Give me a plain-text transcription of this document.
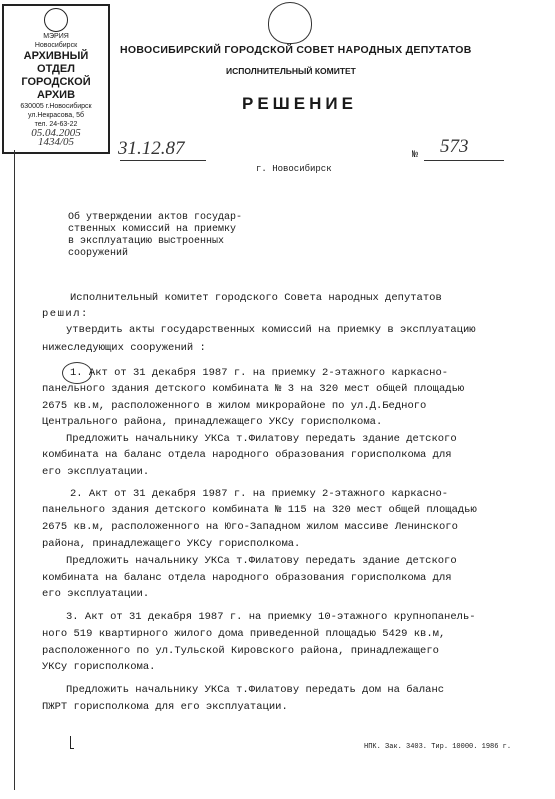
МЭРИЯ
Новосибирск
АРХИВНЫЙ ОТДЕЛ
ГОРОДСКОЙ АРХИВ
630005 г.Новосибирск
ул.Некрасова, 5б
тел. 24-63-22
05.04.2005
1434/05
НОВОСИБИРСКИЙ ГОРОДСКОЙ СОВЕТ НАРОДНЫХ ДЕПУТАТОВ
ИСПОЛНИТЕЛЬНЫЙ КОМИТЕТ
РЕШЕНИЕ
31.12.87
г. Новосибирск
№ 573
Об утверждении актов государ-
ственных комиссий на приемку
в эксплуатацию выстроенных
сооружений
Исполнительный комитет городского Совета народных депутатов
решил:
утвердить акты государственных комиссий на приемку в эксплуатацию
нижеследующих сооружений :
1. Акт от 31 декабря 1987 г. на приемку 2-этажного каркасно-
панельного здания детского комбината № 3 на 320 мест общей площадью
2675 кв.м, расположенного в жилом микрорайоне по ул.Д.Бедного
Центрального района, принадлежащего УКСу горисполкома.
Предложить начальнику УКСа т.Филатову передать здание детского
комбината на баланс отдела народного образования горисполкома для
его эксплуатации.
2. Акт от 31 декабря 1987 г. на приемку 2-этажного каркасно-
панельного здания детского комбината № 115 на 320 мест общей площадью
2675 кв.м, расположенного на Юго-Западном жилом массиве Ленинского
района, принадлежащего УКСу горисполкома.
Предложить начальнику УКСа т.Филатову передать здание детского
комбината на баланс отдела народного образования горисполкома для
его эксплуатации.
3. Акт от 31 декабря 1987 г. на приемку 10-этажного крупнопанель-
ного 519 квартирного жилого дома приведенной площадью 5429 кв.м,
расположенного по ул.Тульской Кировского района, принадлежащего
УКСу горисполкома.
Предложить начальнику УКСа т.Филатову передать дом на баланс
ПЖРТ горисполкома для его эксплуатации.
НПК. Зак. 3403. Тир. 10000. 1986 г.
